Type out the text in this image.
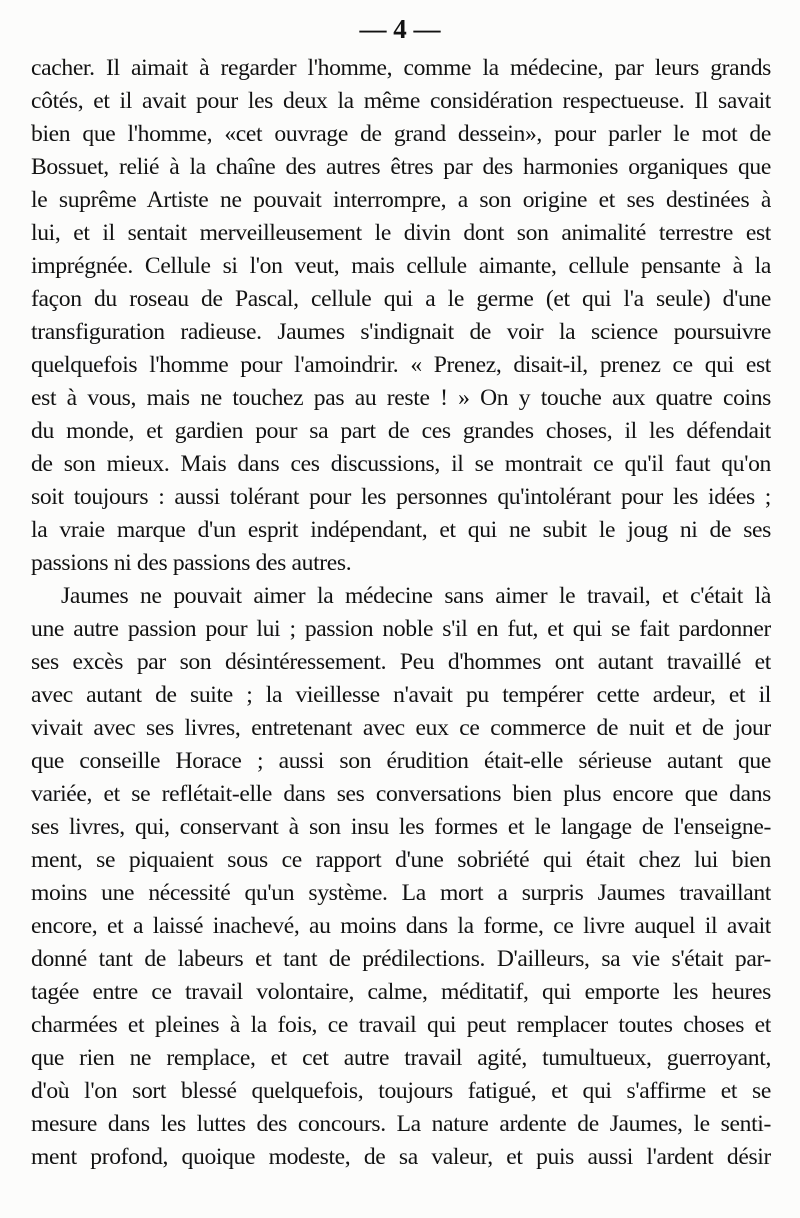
— 4 —
cacher. Il aimait à regarder l'homme, comme la médecine, par leurs grands
côtés, et il avait pour les deux la même considération respectueuse. Il savait
bien que l'homme, «cet ouvrage de grand dessein», pour parler le mot de
Bossuet, relié à la chaîne des autres êtres par des harmonies organiques que
le suprême Artiste ne pouvait interrompre, a son origine et ses destinées à
lui, et il sentait merveilleusement le divin dont son animalité terrestre est
imprégnée. Cellule si l'on veut, mais cellule aimante, cellule pensante à la
façon du roseau de Pascal, cellule qui a le germe (et qui l'a seule) d'une
transfiguration radieuse. Jaumes s'indignait de voir la science poursuivre
quelquefois l'homme pour l'amoindrir. « Prenez, disait-il, prenez ce qui est
est à vous, mais ne touchez pas au reste ! » On y touche aux quatre coins
du monde, et gardien pour sa part de ces grandes choses, il les défendait
de son mieux. Mais dans ces discussions, il se montrait ce qu'il faut qu'on
soit toujours : aussi tolérant pour les personnes qu'intolérant pour les idées ;
la vraie marque d'un esprit indépendant, et qui ne subit le joug ni de ses
passions ni des passions des autres.
Jaumes ne pouvait aimer la médecine sans aimer le travail, et c'était là
une autre passion pour lui ; passion noble s'il en fut, et qui se fait pardonner
ses excès par son désintéressement. Peu d'hommes ont autant travaillé et
avec autant de suite ; la vieillesse n'avait pu tempérer cette ardeur, et il
vivait avec ses livres, entretenant avec eux ce commerce de nuit et de jour
que conseille Horace ; aussi son érudition était-elle sérieuse autant que
variée, et se reflétait-elle dans ses conversations bien plus encore que dans
ses livres, qui, conservant à son insu les formes et le langage de l'enseigne-
ment, se piquaient sous ce rapport d'une sobriété qui était chez lui bien
moins une nécessité qu'un système. La mort a surpris Jaumes travaillant
encore, et a laissé inachevé, au moins dans la forme, ce livre auquel il avait
donné tant de labeurs et tant de prédilections. D'ailleurs, sa vie s'était par-
tagée entre ce travail volontaire, calme, méditatif, qui emporte les heures
charmées et pleines à la fois, ce travail qui peut remplacer toutes choses et
que rien ne remplace, et cet autre travail agité, tumultueux, guerroyant,
d'où l'on sort blessé quelquefois, toujours fatigué, et qui s'affirme et se
mesure dans les luttes des concours. La nature ardente de Jaumes, le senti-
ment profond, quoique modeste, de sa valeur, et puis aussi l'ardent désir
